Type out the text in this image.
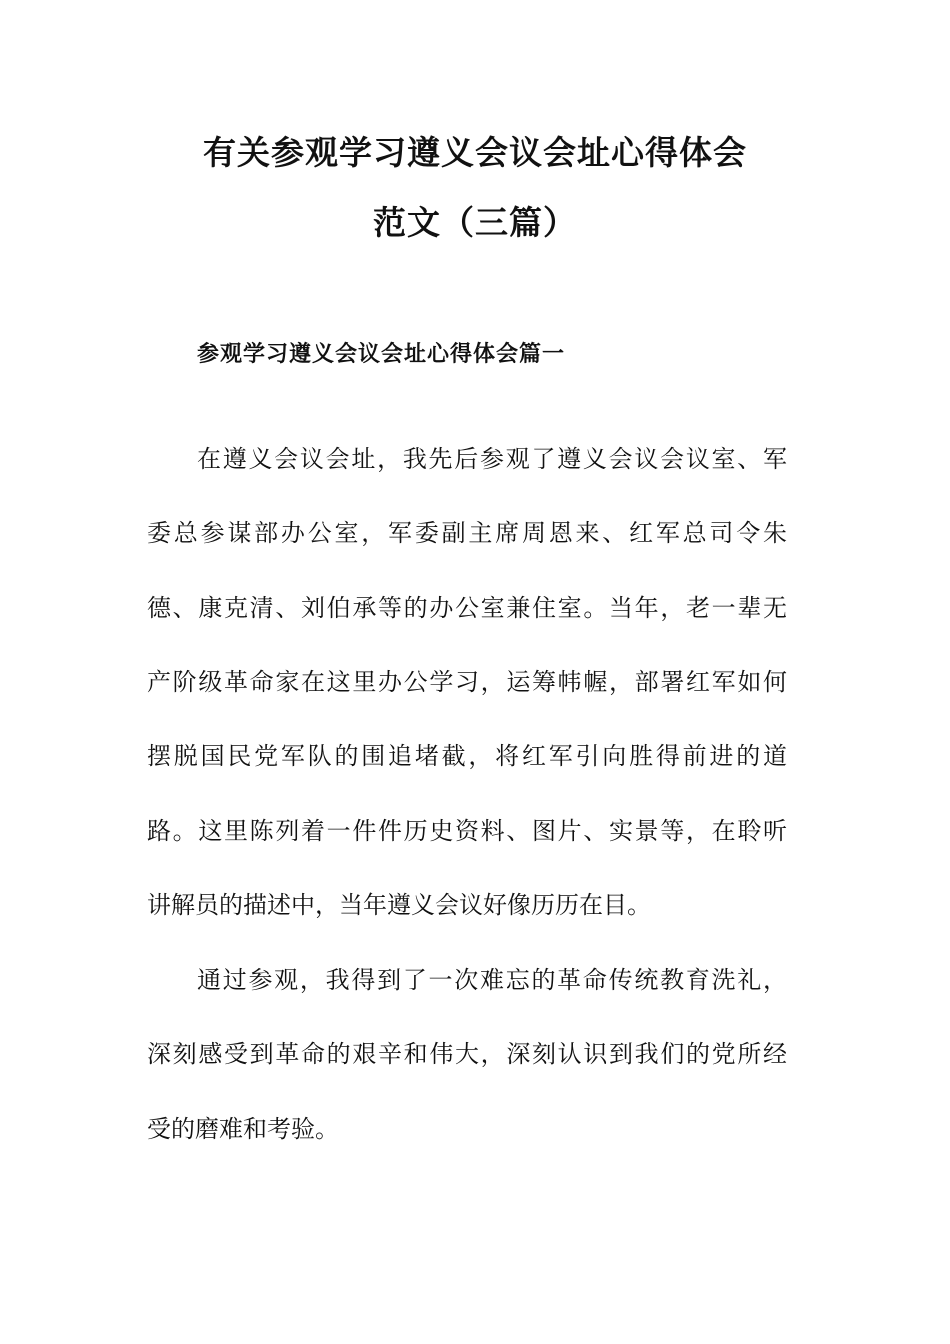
有关参观学习遵义会议会址心得体会
范文（三篇）
参观学习遵义会议会址心得体会篇一
在遵义会议会址，我先后参观了遵义会议会议室、军
委总参谋部办公室，军委副主席周恩来、红军总司令朱
德、康克清、刘伯承等的办公室兼住室。当年，老一辈无
产阶级革命家在这里办公学习，运筹帏幄，部署红军如何
摆脱国民党军队的围追堵截，将红军引向胜得前进的道
路。这里陈列着一件件历史资料、图片、实景等，在聆听
讲解员的描述中，当年遵义会议好像历历在目。
通过参观，我得到了一次难忘的革命传统教育洗礼，
深刻感受到革命的艰辛和伟大，深刻认识到我们的党所经
受的磨难和考验。
